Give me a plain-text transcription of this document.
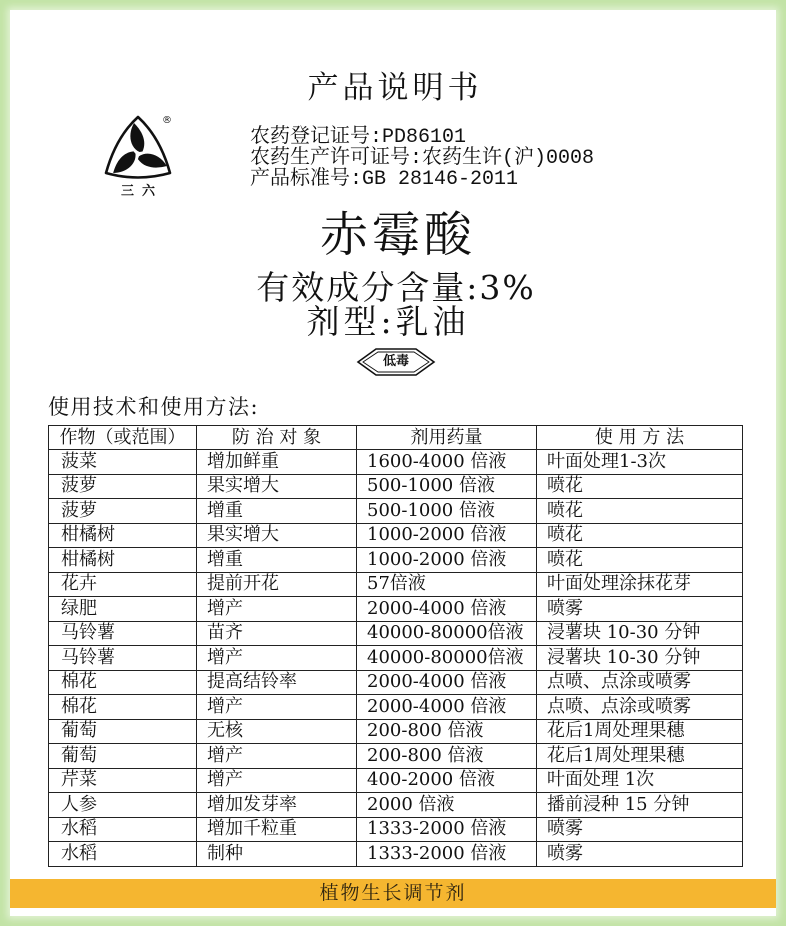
产品说明书
®
三六
农药登记证号:PD86101
农药生产许可证号:农药生许(沪)0008
产品标准号:GB 28146-2011
赤霉酸
有效成分含量:3%
剂型:乳油
低毒
使用技术和使用方法:
作物（或范围）	防 治 对 象	剂用药量	使 用 方 法
菠菜	增加鲜重	1600-4000 倍液	叶面处理1-3次
菠萝	果实增大	500-1000 倍液	喷花
菠萝	增重	500-1000 倍液	喷花
柑橘树	果实增大	1000-2000 倍液	喷花
柑橘树	增重	1000-2000 倍液	喷花
花卉	提前开花	57倍液	叶面处理涂抹花芽
绿肥	增产	2000-4000 倍液	喷雾
马铃薯	苗齐	40000-80000倍液	浸薯块 10-30 分钟
马铃薯	增产	40000-80000倍液	浸薯块 10-30 分钟
棉花	提高结铃率	2000-4000 倍液	点喷、点涂或喷雾
棉花	增产	2000-4000 倍液	点喷、点涂或喷雾
葡萄	无核	200-800 倍液	花后1周处理果穗
葡萄	增产	200-800 倍液	花后1周处理果穗
芹菜	增产	400-2000 倍液	叶面处理 1次
人参	增加发芽率	2000 倍液	播前浸种 15 分钟
水稻	增加千粒重	1333-2000 倍液	喷雾
水稻	制种	1333-2000 倍液	喷雾
植物生长调节剂
